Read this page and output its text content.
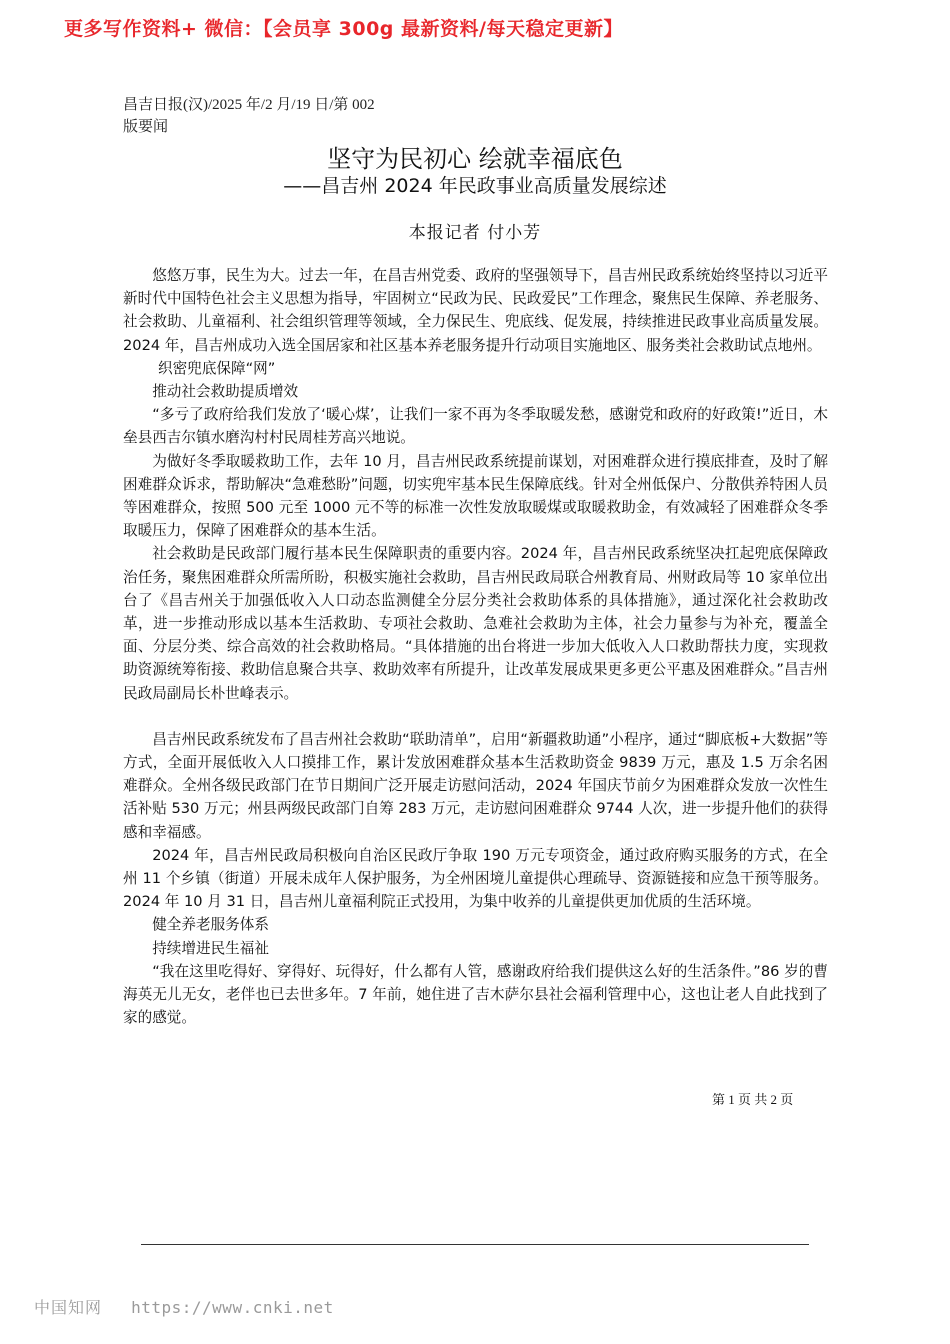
更多写作资料+ 微信：【会员享 300g 最新资料/每天稳定更新】
昌吉日报(汉)/2025 年/2 月/19 日/第 002
版要闻
坚守为民初心 绘就幸福底色
——昌吉州 2024 年民政事业高质量发展综述
本报记者 付小芳

悠悠万事，民生为大。过去一年，在昌吉州党委、政府的坚强领导下，昌吉州民政系统始终坚持以习近平新时代中国特色社会主义思想为指导，牢固树立“民政为民、民政爱民”工作理念，聚焦民生保障、养老服务、社会救助、儿童福利、社会组织管理等领域，全力保民生、兜底线、促发展，持续推进民政事业高质量发展。2024 年，昌吉州成功入选全国居家和社区基本养老服务提升行动项目实施地区、服务类社会救助试点地州。

织密兜底保障“网”

推动社会救助提质增效

“多亏了政府给我们发放了‘暖心煤’，让我们一家不再为冬季取暖发愁，感谢党和政府的好政策!”近日，木垒县西吉尔镇水磨沟村村民周桂芳高兴地说。

为做好冬季取暖救助工作，去年 10 月，昌吉州民政系统提前谋划，对困难群众进行摸底排查，及时了解困难群众诉求，帮助解决“急难愁盼”问题，切实兜牢基本民生保障底线。针对全州低保户、分散供养特困人员等困难群众，按照 500 元至 1000 元不等的标准一次性发放取暖煤或取暖救助金，有效减轻了困难群众冬季取暖压力，保障了困难群众的基本生活。

社会救助是民政部门履行基本民生保障职责的重要内容。2024 年，昌吉州民政系统坚决扛起兜底保障政治任务，聚焦困难群众所需所盼，积极实施社会救助，昌吉州民政局联合州教育局、州财政局等 10 家单位出台了《昌吉州关于加强低收入人口动态监测健全分层分类社会救助体系的具体措施》，通过深化社会救助改革，进一步推动形成以基本生活救助、专项社会救助、急难社会救助为主体，社会力量参与为补充，覆盖全面、分层分类、综合高效的社会救助格局。“具体措施的出台将进一步加大低收入人口救助帮扶力度，实现救助资源统筹衔接、救助信息聚合共享、救助效率有所提升，让改革发展成果更多更公平惠及困难群众。”昌吉州民政局副局长朴世峰表示。

昌吉州民政系统发布了昌吉州社会救助“联助清单”，启用“新疆救助通”小程序，通过“脚底板+大数据”等方式，全面开展低收入人口摸排工作，累计发放困难群众基本生活救助资金 9839 万元，惠及 1.5 万余名困难群众。全州各级民政部门在节日期间广泛开展走访慰问活动，2024 年国庆节前夕为困难群众发放一次性生活补贴 530 万元；州县两级民政部门自筹 283 万元，走访慰问困难群众 9744 人次，进一步提升他们的获得感和幸福感。

2024 年，昌吉州民政局积极向自治区民政厅争取 190 万元专项资金，通过政府购买服务的方式，在全州 11 个乡镇（街道）开展未成年人保护服务，为全州困境儿童提供心理疏导、资源链接和应急干预等服务。2024 年 10 月 31 日，昌吉州儿童福利院正式投用，为集中收养的儿童提供更加优质的生活环境。

健全养老服务体系

持续增进民生福祉

“我在这里吃得好、穿得好、玩得好，什么都有人管，感谢政府给我们提供这么好的生活条件。”86 岁的曹海英无儿无女，老伴也已去世多年。7 年前，她住进了吉木萨尔县社会福利管理中心，这也让老人自此找到了家的感觉。

第 1 页 共 2 页
中国知网 https://www.cnki.net
